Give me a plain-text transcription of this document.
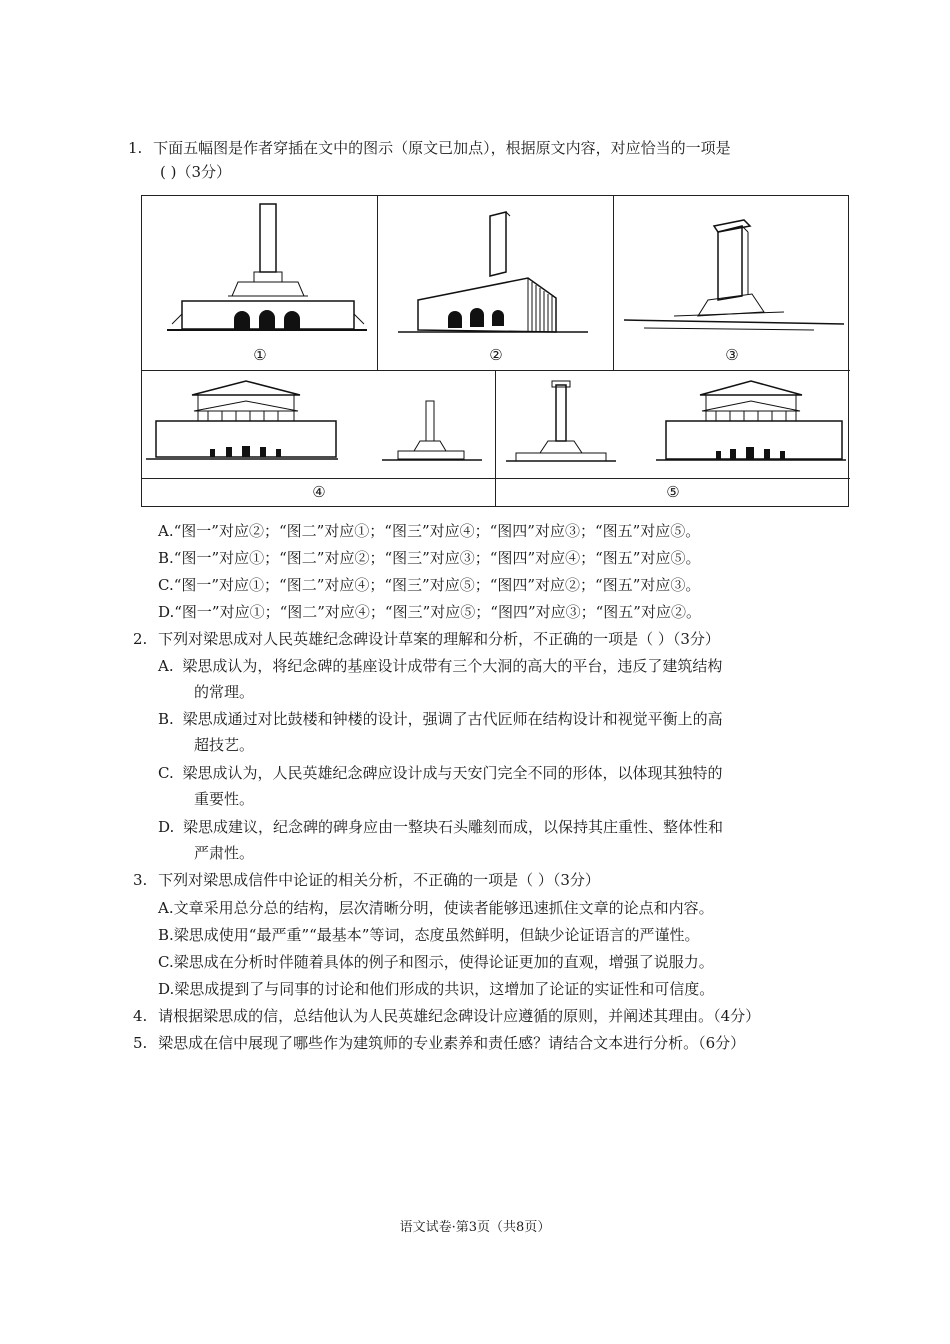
1. 下面五幅图是作者穿插在文中的图示（原文已加点），根据原文内容，对应恰当的一项是
( )（3分）
①	②	③
④	⑤
A.“图一”对应②；“图二”对应①；“图三”对应④；“图四”对应③；“图五”对应⑤。
B.“图一”对应①；“图二”对应②；“图三”对应③；“图四”对应④；“图五”对应⑤。
C.“图一”对应①；“图二”对应④；“图三”对应⑤；“图四”对应②；“图五”对应③。
D.“图一”对应①；“图二”对应④；“图三”对应⑤；“图四”对应③；“图五”对应②。
2. 下列对梁思成对人民英雄纪念碑设计草案的理解和分析，不正确的一项是（ ）（3分）
A. 梁思成认为，将纪念碑的基座设计成带有三个大洞的高大的平台，违反了建筑结构
的常理。
B. 梁思成通过对比鼓楼和钟楼的设计，强调了古代匠师在结构设计和视觉平衡上的高
超技艺。
C. 梁思成认为，人民英雄纪念碑应设计成与天安门完全不同的形体，以体现其独特的
重要性。
D. 梁思成建议，纪念碑的碑身应由一整块石头雕刻而成，以保持其庄重性、整体性和
严肃性。
3. 下列对梁思成信件中论证的相关分析，不正确的一项是（ ）（3分）
A.文章采用总分总的结构，层次清晰分明，使读者能够迅速抓住文章的论点和内容。
B.梁思成使用“最严重”“最基本”等词，态度虽然鲜明，但缺少论证语言的严谨性。
C.梁思成在分析时伴随着具体的例子和图示，使得论证更加的直观，增强了说服力。
D.梁思成提到了与同事的讨论和他们形成的共识，这增加了论证的实证性和可信度。
4. 请根据梁思成的信，总结他认为人民英雄纪念碑设计应遵循的原则，并阐述其理由。（4分）
5. 梁思成在信中展现了哪些作为建筑师的专业素养和责任感？请结合文本进行分析。（6分）
语文试卷·第3页（共8页）
